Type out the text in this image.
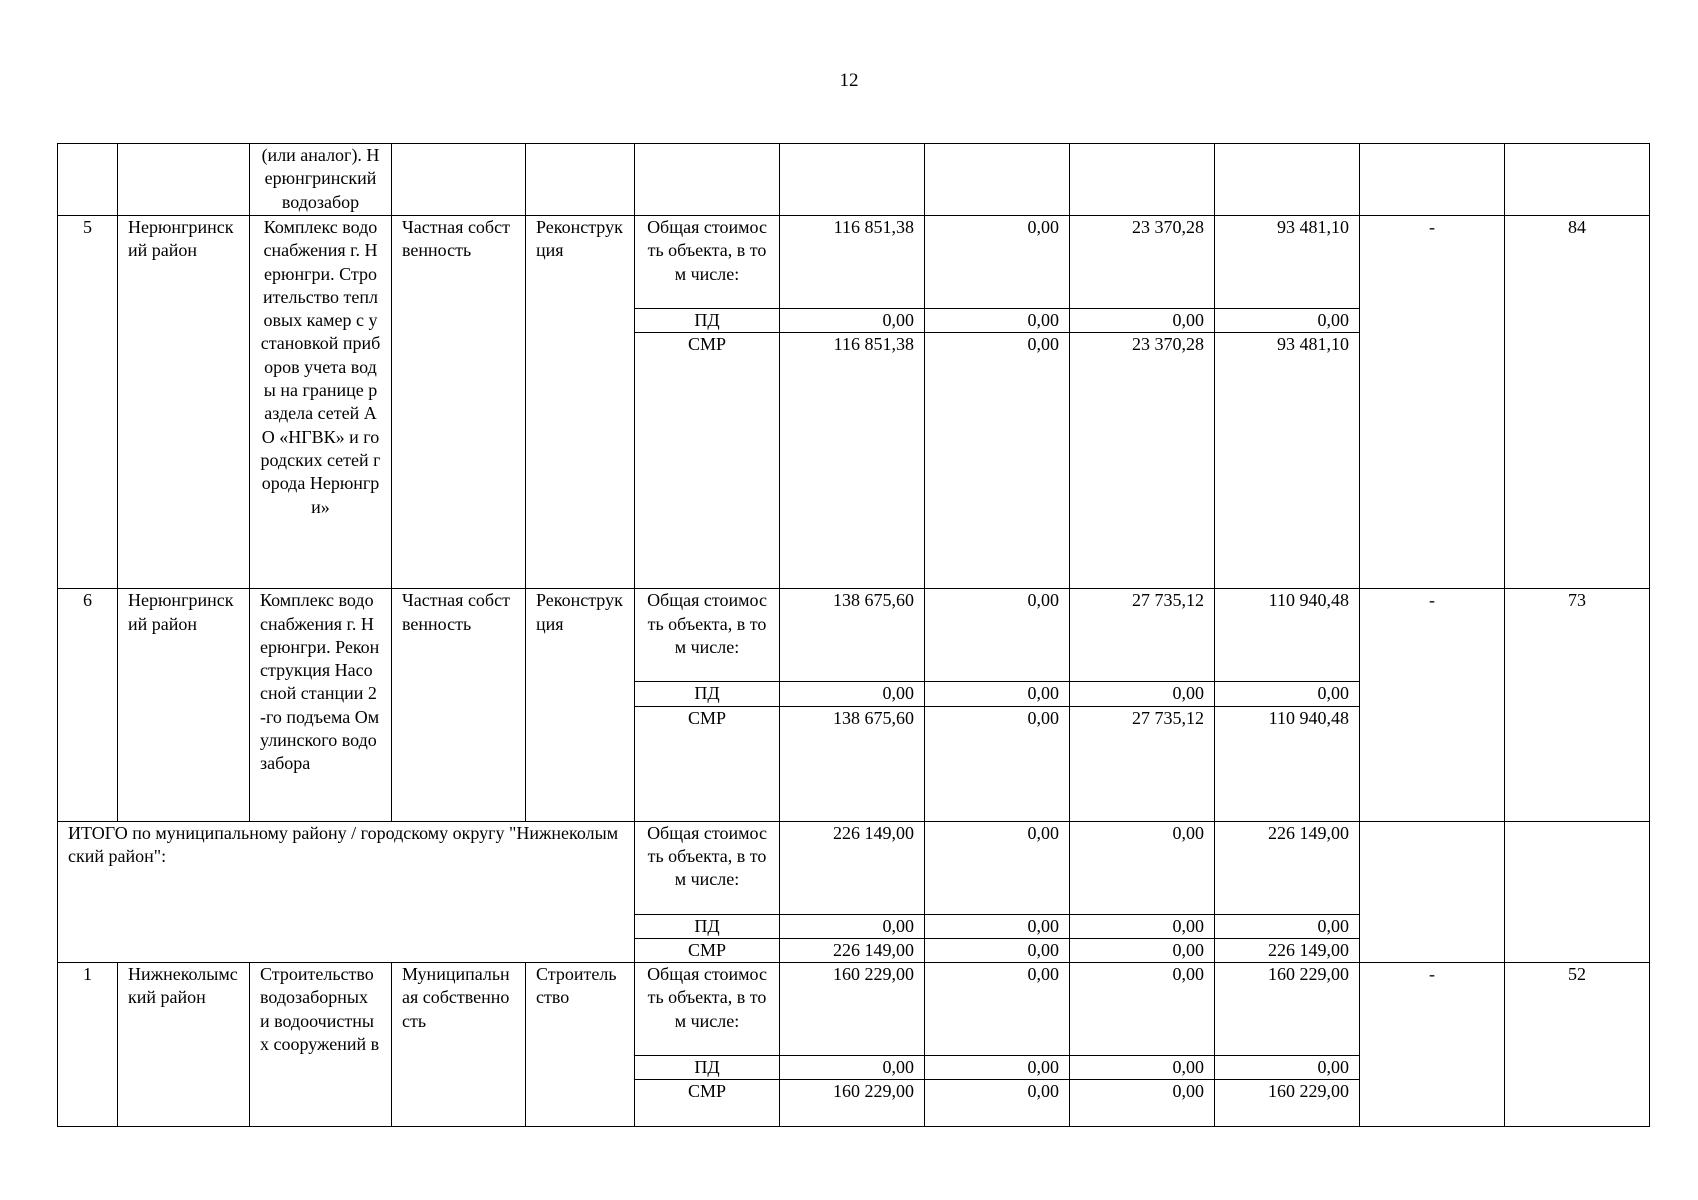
12
		(или аналог). Нерюнгринский водозабор									
5	Нерюнгринский район	Комплекс водоснабжения г. Нерюнгри. Строительство тепловых камер с установкой приборов учета воды на границе раздела сетей АО «НГВК» и городских сетей города Нерюнгри»	Частная собственность	Реконструкция	Общая стоимость объекта, в том числе:	116 851,38	0,00	23 370,28	93 481,10	-	84
					ПД	0,00	0,00	0,00	0,00		
					СМР	116 851,38	0,00	23 370,28	93 481,10		
6	Нерюнгринский район	Комплекс водоснабжения г. Нерюнгри. Реконструкция Насосной станции 2-го подъема Омулинского водозабора	Частная собственность	Реконструкция	Общая стоимость объекта, в том числе:	138 675,60	0,00	27 735,12	110 940,48	-	73
					ПД	0,00	0,00	0,00	0,00		
					СМР	138 675,60	0,00	27 735,12	110 940,48		
ИТОГО по муниципальному району / городскому округу "Нижнеколымский район":					Общая стоимость объекта, в том числе:	226 149,00	0,00	0,00	226 149,00		
					ПД	0,00	0,00	0,00	0,00		
					СМР	226 149,00	0,00	0,00	226 149,00		
1	Нижнеколымский район	Строительство водозаборных и водоочистных сооружений в	Муниципальная собственность	Строительство	Общая стоимость объекта, в том числе:	160 229,00	0,00	0,00	160 229,00	-	52
					ПД	0,00	0,00	0,00	0,00		
					СМР	160 229,00	0,00	0,00	160 229,00		
